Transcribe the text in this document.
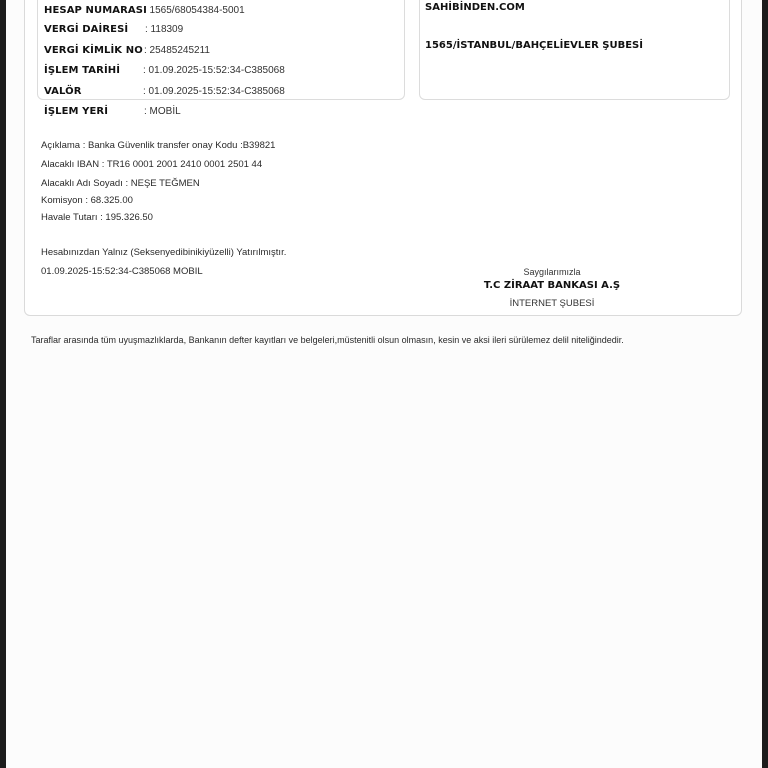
HESAP NUMARASI
: 1565/68054384-5001
VERGİ DAİRESİ : 118309
VERGİ KİMLİK NO : 25485245211
İŞLEM TARİHİ : 01.09.2025-15:52:34-C385068
VALÖR	: 01.09.2025-15:52:34-C385068
İŞLEM YERİ	: MOBİL
SAHİBİNDEN.COM
1565/İSTANBUL/BAHÇELİEVLER ŞUBESİ
Açıklama : Banka Güvenlik transfer onay Kodu :B39821
Alacaklı IBAN : TR16 0001 2001 2410 0001 2501 44
Alacaklı Adı Soyadı : NEŞE TEĞMEN
Komisyon : 68.325.00
Havale Tutarı : 195.326.50
Hesabınızdan Yalnız (Seksenyedibinikiyüzelli) Yatırılmıştır.
01.09.2025-15:52:34-C385068 MOBIL	Saygılarımızla
T.C ZİRAAT BANKASI A.Ş
İNTERNET ŞUBESİ
Taraflar arasında tüm uyuşmazlıklarda, Bankanın defter kayıtları ve belgeleri,müstenitli olsun olmasın, kesin ve aksi ileri sürülemez delil niteliğindedir.
